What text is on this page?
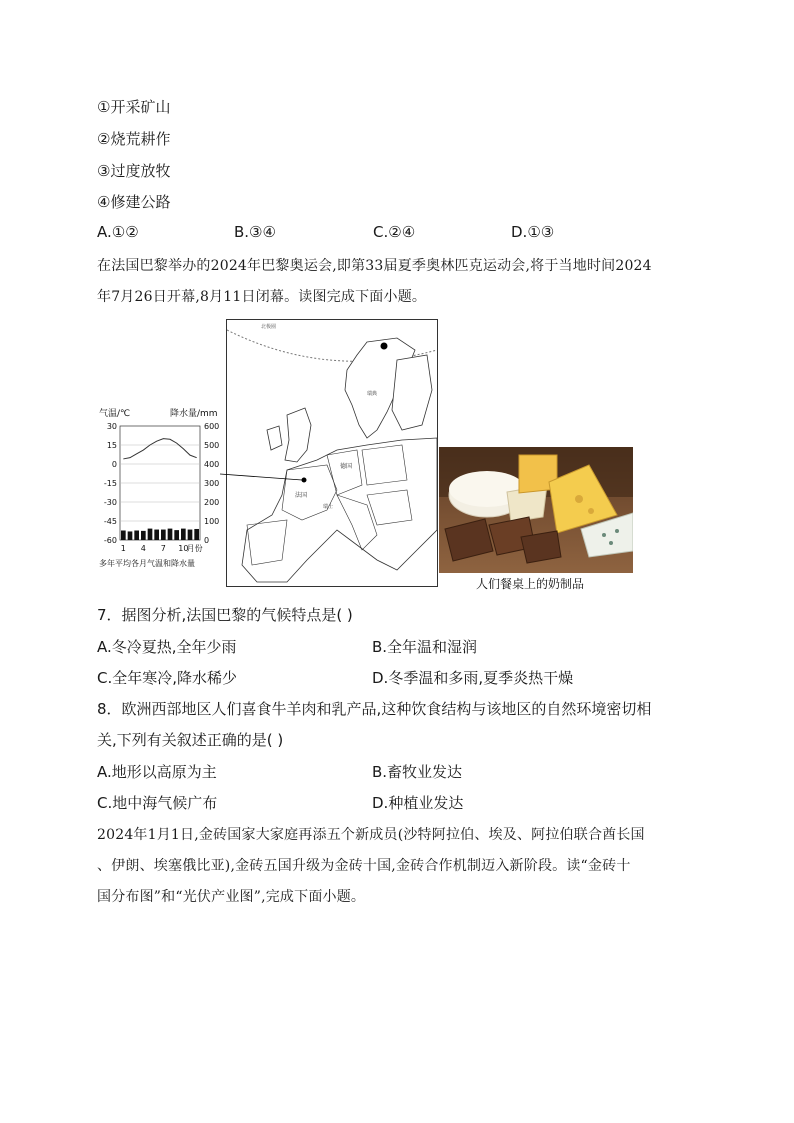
①开采矿山
②烧荒耕作
③过度放牧
④修建公路
A.①②	B.③④	C.②④	D.①③
在法国巴黎举办的2024年巴黎奥运会,即第33届夏季奥林匹克运动会,将于当地时间2024
年7月26日开幕,8月11日闭幕。读图完成下面小题。
气温/℃	降水量/mm
30
15
0
-15
-30
-45
-60
600
500
400
300
200
100
0
1 4 7 10
月份
多年平均各月气温和降水量
北极圈
德国
法国
瑞士
瑞典
人们餐桌上的奶制品
7．据图分析,法国巴黎的气候特点是( )
A.冬冷夏热,全年少雨	B.全年温和湿润
C.全年寒冷,降水稀少	D.冬季温和多雨,夏季炎热干燥
8．欧洲西部地区人们喜食牛羊肉和乳产品,这种饮食结构与该地区的自然环境密切相
关,下列有关叙述正确的是( )
A.地形以高原为主	B.畜牧业发达
C.地中海气候广布	D.种植业发达
2024年1月1日,金砖国家大家庭再添五个新成员(沙特阿拉伯、埃及、阿拉伯联合酋长国
、伊朗、埃塞俄比亚),金砖五国升级为金砖十国,金砖合作机制迈入新阶段。读“金砖十
国分布图”和“光伏产业图”,完成下面小题。
